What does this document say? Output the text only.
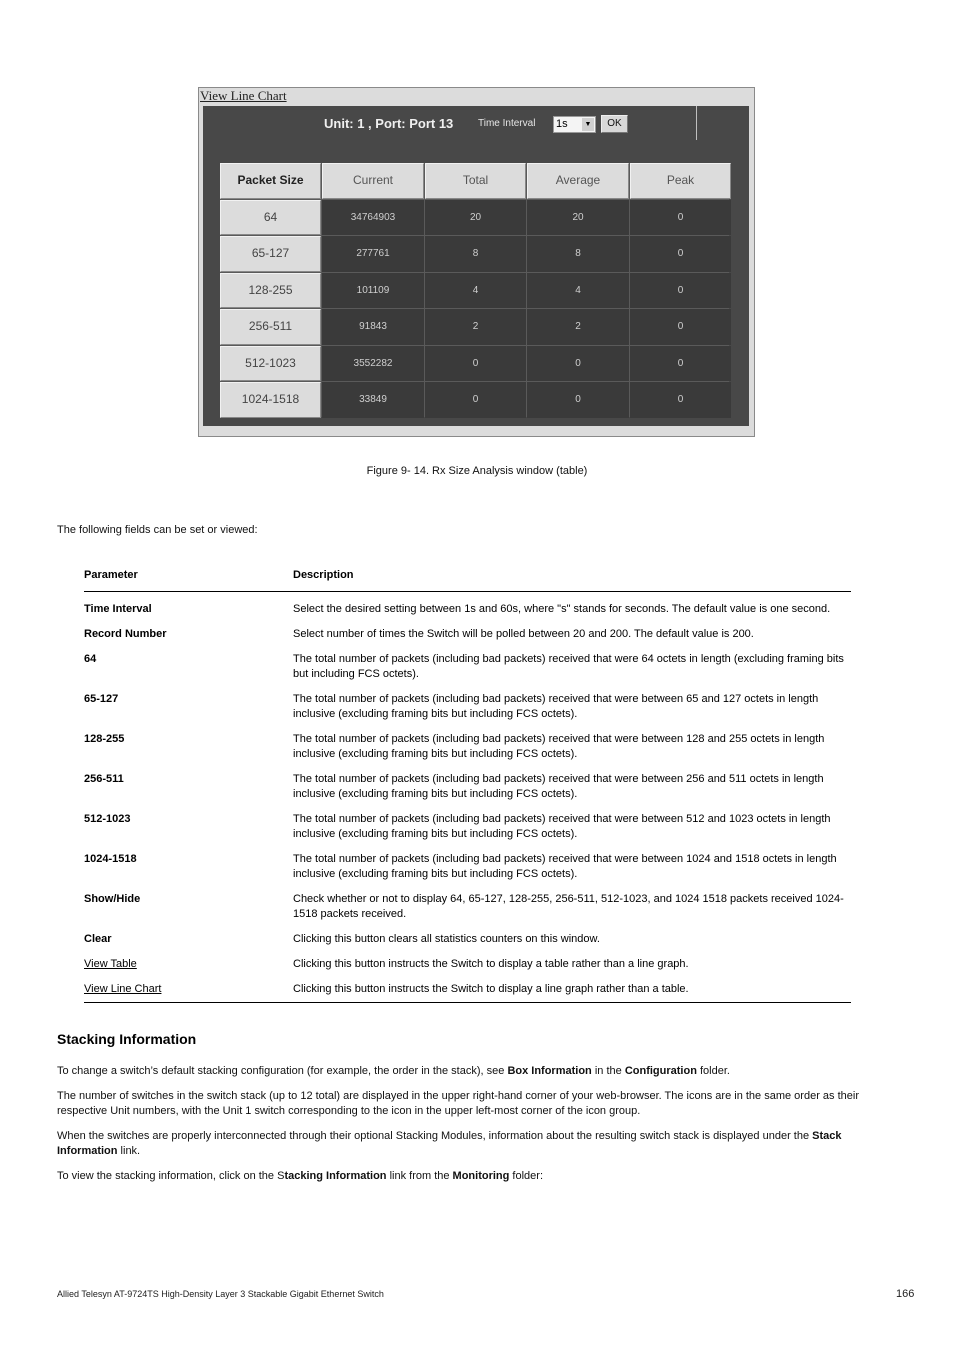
View Line Chart
Unit: 1 , Port: Port 13 Time Interval 1s	▼	OK
Packet Size	Current	Total	Average	Peak
64	34764903	20	20	0
65-127	277761	8	8	0
128-255	101109	4	4	0
256-511	91843	2	2	0
512-1023	3552282	0	0	0
1024-1518	33849	0	0	0
Figure 9- 14. Rx Size Analysis window (table)
The following fields can be set or viewed:
Parameter	Description
Time Interval	Select the desired setting between 1s and 60s, where "s" stands for seconds. The default value is one second.
Record Number	Select number of times the Switch will be polled between 20 and 200. The default value is 200.
64	The total number of packets (including bad packets) received that were 64 octets in length (excluding framing bits but including FCS octets).
65-127	The total number of packets (including bad packets) received that were between 65 and 127 octets in length inclusive (excluding framing bits but including FCS octets).
128-255	The total number of packets (including bad packets) received that were between 128 and 255 octets in length inclusive (excluding framing bits but including FCS octets).
256-511	The total number of packets (including bad packets) received that were between 256 and 511 octets in length inclusive (excluding framing bits but including FCS octets).
512-1023	The total number of packets (including bad packets) received that were between 512 and 1023 octets in length inclusive (excluding framing bits but including FCS octets).
1024-1518	The total number of packets (including bad packets) received that were between 1024 and 1518 octets in length inclusive (excluding framing bits but including FCS octets).
Show/Hide	Check whether or not to display 64, 65-127, 128-255, 256-511, 512-1023, and 1024 1518 packets received 1024-1518 packets received.
Clear	Clicking this button clears all statistics counters on this window.
View Table	Clicking this button instructs the Switch to display a table rather than a line graph.
View Line Chart	Clicking this button instructs the Switch to display a line graph rather than a table.
Stacking Information
To change a switch’s default stacking configuration (for example, the order in the stack), see Box Information in the Configuration folder.
The number of switches in the switch stack (up to 12 total) are displayed in the upper right-hand corner of your web-browser. The icons are in the same order as their respective Unit numbers, with the Unit 1 switch corresponding to the icon in the upper left-most corner of the icon group.
When the switches are properly interconnected through their optional Stacking Modules, information about the resulting switch stack is displayed under the Stack Information link.
To view the stacking information, click on the Stacking Information link from the Monitoring folder:
Allied Telesyn AT-9724TS High-Density Layer 3 Stackable Gigabit Ethernet Switch	166
